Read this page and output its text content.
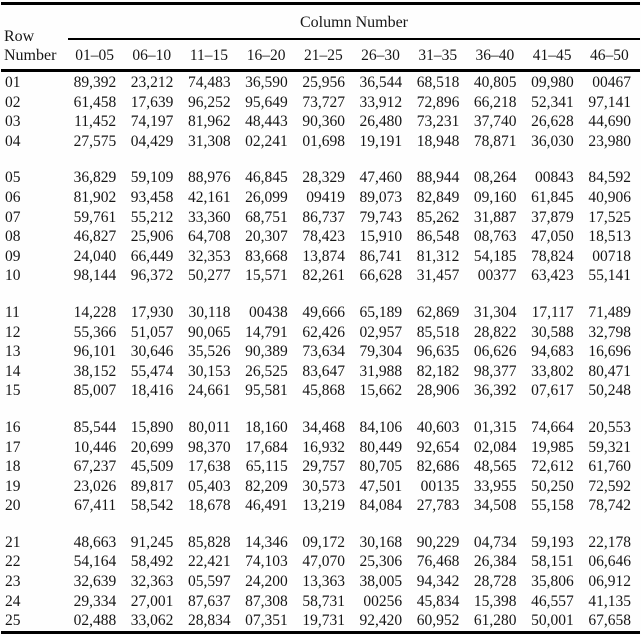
Row
Number	Column Number									
	01–05	06–10	11–15	16–20	21–25	26–30	31–35	36–40	41–45	46–50
01	89,392	23,212	74,483	36,590	25,956	36,544	68,518	40,805	09,980	00467
02	61,458	17,639	96,252	95,649	73,727	33,912	72,896	66,218	52,341	97,141
03	11,452	74,197	81,962	48,443	90,360	26,480	73,231	37,740	26,628	44,690
04	27,575	04,429	31,308	02,241	01,698	19,191	18,948	78,871	36,030	23,980

05	36,829	59,109	88,976	46,845	28,329	47,460	88,944	08,264	00843	84,592
06	81,902	93,458	42,161	26,099	09419	89,073	82,849	09,160	61,845	40,906
07	59,761	55,212	33,360	68,751	86,737	79,743	85,262	31,887	37,879	17,525
08	46,827	25,906	64,708	20,307	78,423	15,910	86,548	08,763	47,050	18,513
09	24,040	66,449	32,353	83,668	13,874	86,741	81,312	54,185	78,824	00718
10	98,144	96,372	50,277	15,571	82,261	66,628	31,457	00377	63,423	55,141

11	14,228	17,930	30,118	00438	49,666	65,189	62,869	31,304	17,117	71,489
12	55,366	51,057	90,065	14,791	62,426	02,957	85,518	28,822	30,588	32,798
13	96,101	30,646	35,526	90,389	73,634	79,304	96,635	06,626	94,683	16,696
14	38,152	55,474	30,153	26,525	83,647	31,988	82,182	98,377	33,802	80,471
15	85,007	18,416	24,661	95,581	45,868	15,662	28,906	36,392	07,617	50,248

16	85,544	15,890	80,011	18,160	34,468	84,106	40,603	01,315	74,664	20,553
17	10,446	20,699	98,370	17,684	16,932	80,449	92,654	02,084	19,985	59,321
18	67,237	45,509	17,638	65,115	29,757	80,705	82,686	48,565	72,612	61,760
19	23,026	89,817	05,403	82,209	30,573	47,501	00135	33,955	50,250	72,592
20	67,411	58,542	18,678	46,491	13,219	84,084	27,783	34,508	55,158	78,742

21	48,663	91,245	85,828	14,346	09,172	30,168	90,229	04,734	59,193	22,178
22	54,164	58,492	22,421	74,103	47,070	25,306	76,468	26,384	58,151	06,646
23	32,639	32,363	05,597	24,200	13,363	38,005	94,342	28,728	35,806	06,912
24	29,334	27,001	87,637	87,308	58,731	00256	45,834	15,398	46,557	41,135
25	02,488	33,062	28,834	07,351	19,731	92,420	60,952	61,280	50,001	67,658
